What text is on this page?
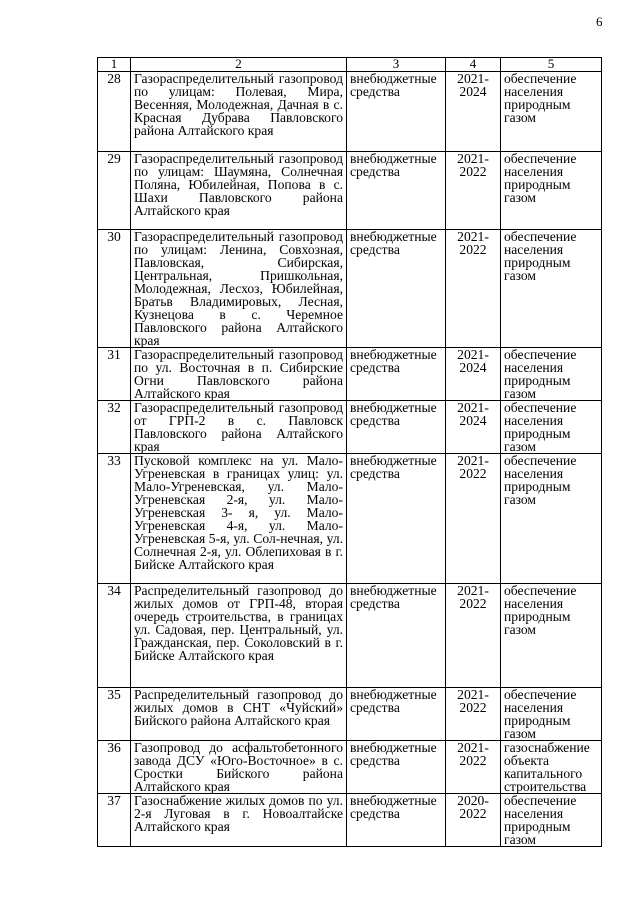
6
1	2	3	4	5
28	Газораспределительный газопровод по улицам: Полевая, Мира, Весенняя, Молодежная, Дачная в с. Красная Дубрава Павловского района Алтайского края	внебюджетные средства	2021-2024	обеспечение населения природным газом
29	Газораспределительный газопровод по улицам: Шаумяна, Солнечная Поляна, Юбилейная, Попова в с. Шахи Павловского района Алтайского края	внебюджетные средства	2021-2022	обеспечение населения природным газом
30	Газораспределительный газопровод по улицам: Ленина, Совхозная, Павловская, Сибирская, Центральная, Пришкольная, Молодежная, Лесхоз, Юбилейная, Братьв Владимировых, Лесная, Кузнецова в с. Черемное Павловского района Алтайского края	внебюджетные средства	2021-2022	обеспечение населения природным газом
31	Газораспределительный газопровод по ул. Восточная в п. Сибирские Огни Павловского района Алтайского края	внебюджетные средства	2021-2024	обеспечение населения природным газом
32	Газораспределительный газопровод от ГРП-2 в с. Павловск Павловского района Алтайского края	внебюджетные средства	2021-2024	обеспечение населения природным газом
33	Пусковой комплекс на ул. Мало-Угреневская в границах улиц: ул. Мало-Угреневская, ул. Мало-Угреневская 2-я, ул. Мало-Угреневская 3- я, ул. Мало-Угреневская 4-я, ул. Мало-Угреневская 5-я, ул. Сол-нечная, ул. Солнечная 2-я, ул. Облепиховая в г. Бийске Алтайского края	внебюджетные средства	2021-2022	обеспечение населения природным газом
34	Распределительный газопровод до жилых домов от ГРП-48, вторая очередь строительства, в границах ул. Садовая, пер. Центральный, ул. Гражданская, пер. Соколовский в г. Бийске Алтайского края	внебюджетные средства	2021-2022	обеспечение населения природным газом
35	Распределительный газопровод до жилых домов в СНТ «Чуйский» Бийского района Алтайского края	внебюджетные средства	2021-2022	обеспечение населения природным газом
36	Газопровод до асфальтобетонного завода ДСУ «Юго-Восточное» в с. Сростки Бийского района Алтайского края	внебюджетные средства	2021-2022	газоснабжение объекта капитального строительства
37	Газоснабжение жилых домов по ул. 2-я Луговая в г. Новоалтайске Алтайского края	внебюджетные средства	2020-2022	обеспечение населения природным газом
